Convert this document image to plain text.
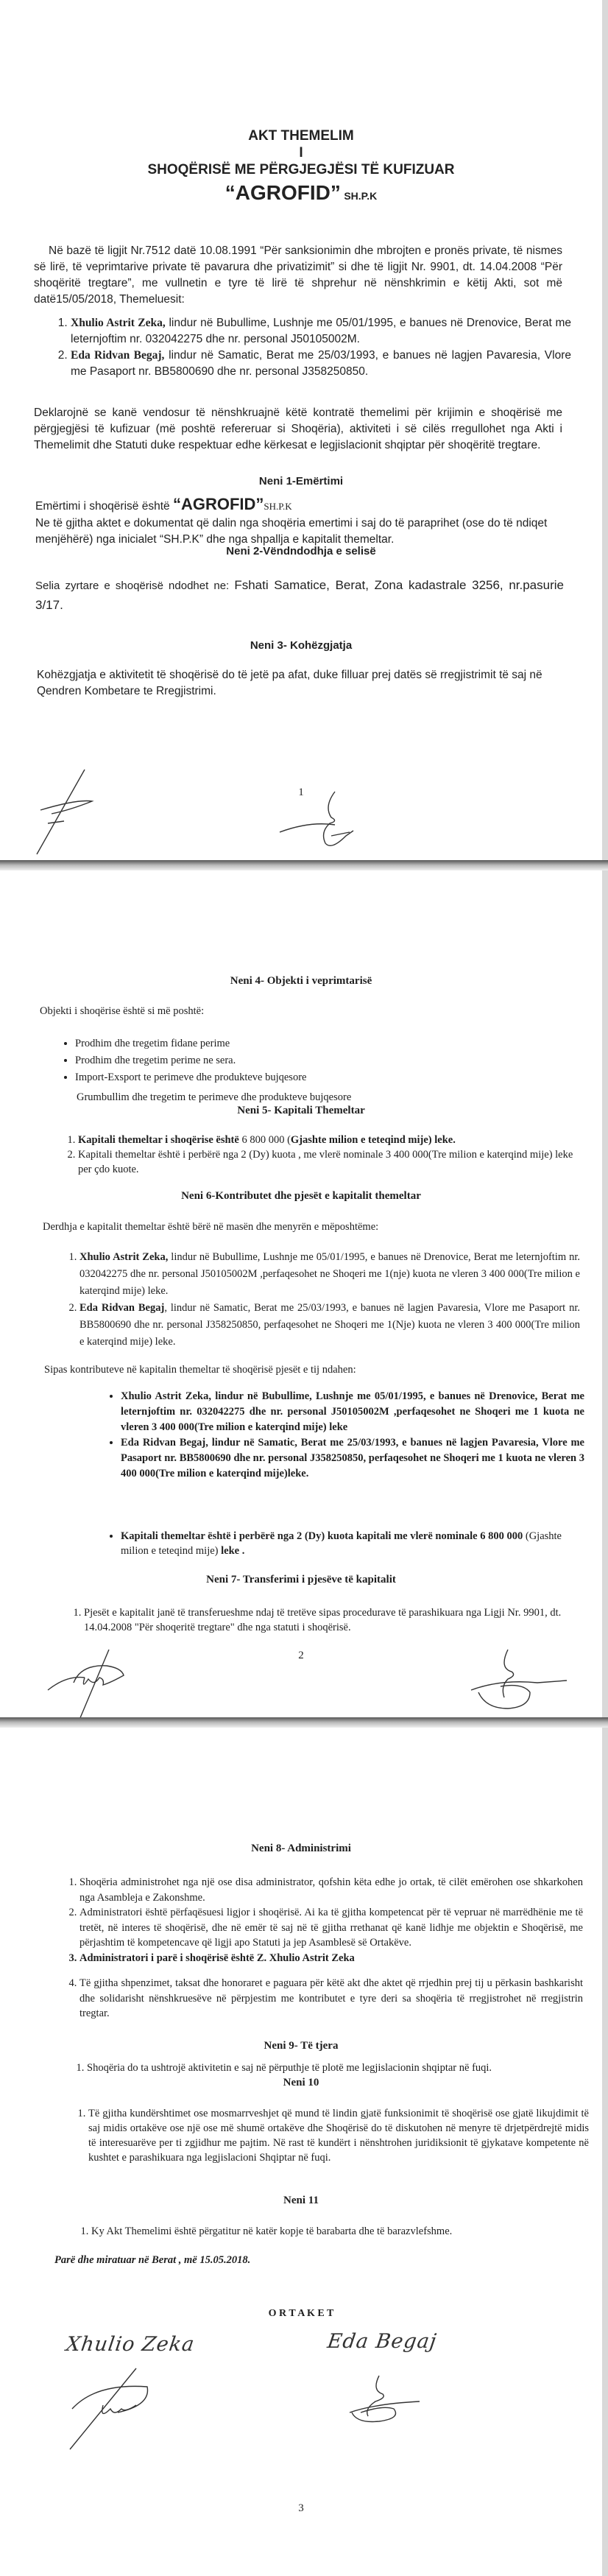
AKT THEMELIM
I
SHOQËRISË ME PËRGJEGJËSI TË KUFIZUAR
“AGROFID” SH.P.K
Në bazë të ligjit Nr.7512 datë 10.08.1991 “Për sanksionimin dhe mbrojten e pronës private, të nismes së lirë, të veprimtarive private të pavarura dhe privatizimit” si dhe të ligjit Nr. 9901, dt. 14.04.2008 “Për shoqëritë tregtare”, me vullnetin e tyre të lirë të shprehur në nënshkrimin e këtij Akti, sot më datë15/05/2018, Themeluesit:
1. Xhulio Astrit Zeka, lindur në Bubullime, Lushnje me 05/01/1995, e banues në Drenovice, Berat me leternjoftim nr. 032042275 dhe nr. personal J50105002M.
2. Eda Ridvan Begaj, lindur në Samatic, Berat me 25/03/1993, e banues në lagjen Pavaresia, Vlore me Pasaport nr. BB5800690 dhe nr. personal J358250850.
Deklarojnë se kanë vendosur të nënshkruajnë këtë kontratë themelimi për krijimin e shoqërisë me përgjegjësi të kufizuar (më poshtë refereruar si Shoqëria), aktiviteti i së cilës rregullohet nga Akti i Themelimit dhe Statuti duke respektuar edhe kërkesat e legjislacionit shqiptar për shoqëritë tregtare.
Neni 1-Emërtimi
Emërtimi i shoqërisë është “AGROFID”SH.P.K
Ne të gjitha aktet e dokumentat që dalin nga shoqëria emertimi i saj do të paraprihet (ose do të ndiqet menjëhërë) nga inicialet “SH.P.K” dhe nga shpallja e kapitalit themeltar.
Neni 2-Vëndndodhja e selisë
Selia zyrtare e shoqërisë ndodhet ne: Fshati Samatice, Berat, Zona kadastrale 3256, nr.pasurie 3/17.
Neni 3- Kohëzgjatja
Kohëzgjatja e aktivitetit të shoqërisë do të jetë pa afat, duke filluar prej datës së rregjistrimit të saj në Qendren Kombetare te Rregjistrimi.
1
Neni 4- Objekti i veprimtarisë
Objekti i shoqërise është si më poshtë:
• Prodhim dhe tregetim fidane perime
• Prodhim dhe tregetim perime ne sera.
• Import-Exsport te perimeve dhe produkteve bujqesore
Grumbullim dhe tregetim te perimeve dhe produkteve bujqesore
Neni 5- Kapitali Themeltar
1. Kapitali themeltar i shoqërise është 6 800 000 (Gjashte milion e teteqind mije) leke.
2. Kapitali themeltar është i perbërë nga 2 (Dy) kuota , me vlerë nominale 3 400 000(Tre milion e katerqind mije) leke per çdo kuote.
Neni 6-Kontributet dhe pjesët e kapitalit themeltar
Derdhja e kapitalit themeltar është bërë në masën dhe menyrën e mëposhtëme:
1. Xhulio Astrit Zeka, lindur në Bubullime, Lushnje me 05/01/1995, e banues në Drenovice, Berat me leternjoftim nr. 032042275 dhe nr. personal J50105002M ,perfaqesohet ne Shoqeri me 1(nje) kuota ne vleren 3 400 000(Tre milion e katerqind mije) leke.
2. Eda Ridvan Begaj, lindur në Samatic, Berat me 25/03/1993, e banues në lagjen Pavaresia, Vlore me Pasaport nr. BB5800690 dhe nr. personal J358250850, perfaqesohet ne Shoqeri me 1(Nje) kuota ne vleren 3 400 000(Tre milion e katerqind mije) leke.
Sipas kontributeve në kapitalin themeltar të shoqërisë pjesët e tij ndahen:
• Xhulio Astrit Zeka, lindur në Bubullime, Lushnje me 05/01/1995, e banues në Drenovice, Berat me leternjoftim nr. 032042275 dhe nr. personal J50105002M ,perfaqesohet ne Shoqeri me 1 kuota ne vleren 3 400 000(Tre milion e katerqind mije) leke
• Eda Ridvan Begaj, lindur në Samatic, Berat me 25/03/1993, e banues në lagjen Pavaresia, Vlore me Pasaport nr. BB5800690 dhe nr. personal J358250850, perfaqesohet ne Shoqeri me 1 kuota ne vleren 3 400 000(Tre milion e katerqind mije)leke.
• Kapitali themeltar është i perbërë nga 2 (Dy) kuota kapitali me vlerë nominale 6 800 000 (Gjashte milion e teteqind mije) leke .
Neni 7- Transferimi i pjesëve të kapitalit
1. Pjesët e kapitalit janë të transferueshme ndaj të tretëve sipas procedurave të parashikuara nga Ligji Nr. 9901, dt. 14.04.2008 "Për shoqeritë tregtare" dhe nga statuti i shoqërisë.
2
Neni 8- Administrimi
1. Shoqëria administrohet nga një ose disa administrator, qofshin këta edhe jo ortak, të cilët emërohen ose shkarkohen nga Asambleja e Zakonshme.
2. Administratori është përfaqësuesi ligjor i shoqërisë. Ai ka të gjitha kompetencat për të vepruar në marrëdhënie me të tretët, në interes të shoqërisë, dhe në emër të saj në të gjitha rrethanat që kanë lidhje me objektin e Shoqërisë, me përjashtim të kompetencave që ligji apo Statuti ja jep Asamblesë së Ortakëve.
3. Administratori i parë i shoqërisë është Z. Xhulio Astrit Zeka
4. Të gjitha shpenzimet, taksat dhe honoraret e paguara për këtë akt dhe aktet që rrjedhin prej tij u përkasin bashkarisht dhe solidarisht nënshkruesëve në përpjestim me kontributet e tyre deri sa shoqëria të rregjistrohet në rregjistrin tregtar.
Neni 9- Të tjera
1. Shoqëria do ta ushtrojë aktivitetin e saj në përputhje të plotë me legjislacionin shqiptar në fuqi.
Neni 10
1. Të gjitha kundërshtimet ose mosmarrveshjet që mund të lindin gjatë funksionimit të shoqërisë ose gjatë likujdimit të saj midis ortakëve ose një ose më shumë ortakëve dhe Shoqërisë do të diskutohen në menyre të drjetpërdrejtë midis të interesuarëve per ti zgjidhur me pajtim. Në rast të kundërt i nënshtrohen juridiksionit të gjykatave kompetente në kushtet e parashikuara nga legjislacioni Shqiptar në fuqi.
Neni 11
1. Ky Akt Themelimi është përgatitur në katër kopje të barabarta dhe të barazvlefshme.
Parë dhe miratuar në Berat , më 15.05.2018.
O R T A K E T
Xhulio Zeka	Eda Begaj
3
